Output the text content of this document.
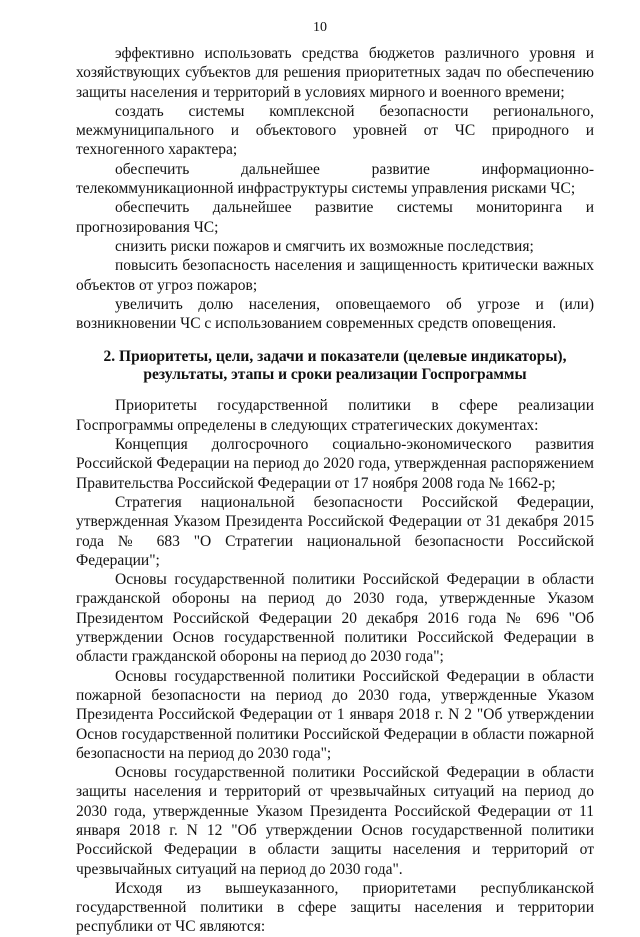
10

эффективно использовать средства бюджетов различного уровня и хозяйствующих субъектов для решения приоритетных задач по обеспечению защиты населения и территорий в условиях мирного и военного времени;

создать системы комплексной безопасности регионального, межмуниципального и объектового уровней от ЧС природного и техногенного характера;

обеспечить дальнейшее развитие информационно-телекоммуникационной инфраструктуры системы управления рисками ЧС;

обеспечить дальнейшее развитие системы мониторинга и прогнозирования ЧС;

снизить риски пожаров и смягчить их возможные последствия;

повысить безопасность населения и защищенность критически важных объектов от угроз пожаров;

увеличить долю населения, оповещаемого об угрозе и (или) возникновении ЧС с использованием современных средств оповещения.

2. Приоритеты, цели, задачи и показатели (целевые индикаторы),
результаты, этапы и сроки реализации Госпрограммы

Приоритеты государственной политики в сфере реализации Госпрограммы определены в следующих стратегических документах:

Концепция долгосрочного социально-экономического развития Российской Федерации на период до 2020 года, утвержденная распоряжением Правительства Российской Федерации от 17 ноября 2008 года № 1662-р;

Стратегия национальной безопасности Российской Федерации, утвержденная Указом Президента Российской Федерации от 31 декабря 2015 года № 683 "О Стратегии национальной безопасности Российской Федерации";

Основы государственной политики Российской Федерации в области гражданской обороны на период до 2030 года, утвержденные Указом Президентом Российской Федерации 20 декабря 2016 года № 696 "Об утверждении Основ государственной политики Российской Федерации в области гражданской обороны на период до 2030 года";

Основы государственной политики Российской Федерации в области пожарной безопасности на период до 2030 года, утвержденные Указом Президента Российской Федерации от 1 января 2018 г. N 2 "Об утверждении Основ государственной политики Российской Федерации в области пожарной безопасности на период до 2030 года";

Основы государственной политики Российской Федерации в области защиты населения и территорий от чрезвычайных ситуаций на период до 2030 года, утвержденные Указом Президента Российской Федерации от 11 января 2018 г. N 12 "Об утверждении Основ государственной политики Российской Федерации в области защиты населения и территорий от чрезвычайных ситуаций на период до 2030 года".

Исходя из вышеуказанного, приоритетами республиканской государственной политики в сфере защиты населения и территории республики от ЧС являются:
